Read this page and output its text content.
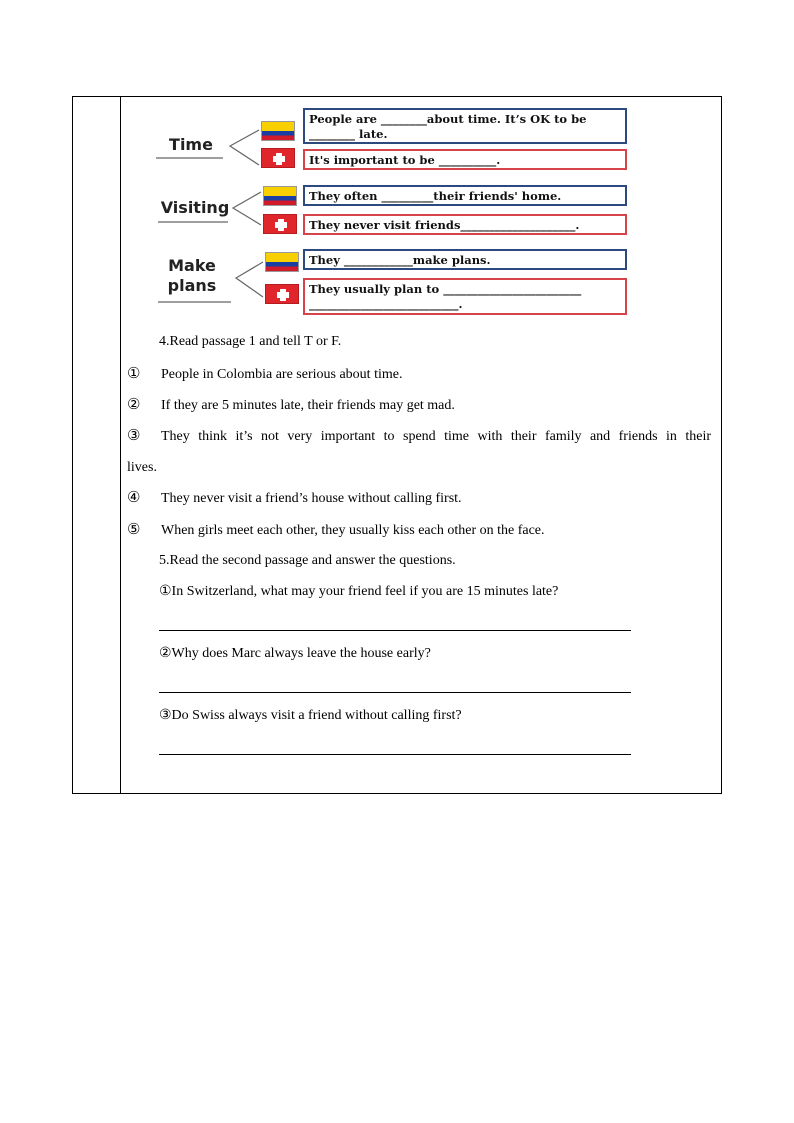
Time
People are ________about time. It’s OK to be
________ late.
It's important to be __________.
Visiting
They often _________their friends' home.
They never visit friends____________________.
Make
plans
They ____________make plans.
They usually plan to ________________________
__________________________.
4.Read passage 1 and tell T or F.
① People in Colombia are serious about time.
② If they are 5 minutes late, their friends may get mad.
③ They think it’s not very important to spend time with their family and friends in their
lives.
④ They never visit a friend’s house without calling first.
⑤ When girls meet each other, they usually kiss each other on the face.
5.Read the second passage and answer the questions.
①In Switzerland, what may your friend feel if you are 15 minutes late?
②Why does Marc always leave the house early?
③Do Swiss always visit a friend without calling first?
